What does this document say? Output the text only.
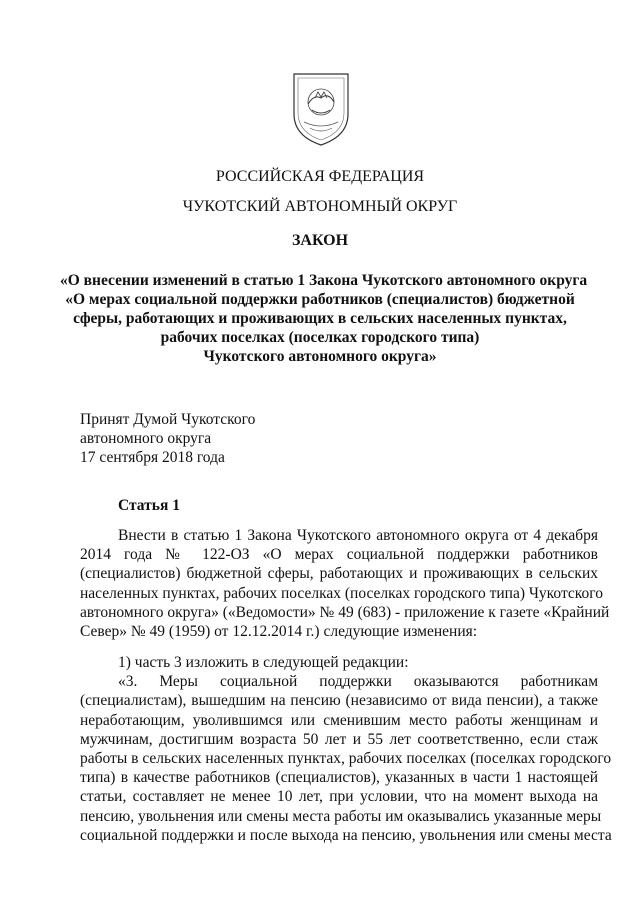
РОССИЙСКАЯ ФЕДЕРАЦИЯ
ЧУКОТСКИЙ АВТОНОМНЫЙ ОКРУГ
ЗАКОН
«О внесении изменений в статью 1 Закона Чукотского автономного округа
«О мерах социальной поддержки работников (специалистов) бюджетной
сферы, работающих и проживающих в сельских населенных пунктах,
рабочих поселках (поселках городского типа)
Чукотского автономного округа»
Принят Думой Чукотского
автономного округа
17 сентября 2018 года
Статья 1
Внести в статью 1 Закона Чукотского автономного округа от 4 декабря
2014 года № 122-ОЗ «О мерах социальной поддержки работников
(специалистов) бюджетной сферы, работающих и проживающих в сельских
населенных пунктах, рабочих поселках (поселках городского типа) Чукотского
автономного округа» («Ведомости» № 49 (683) - приложение к газете «Крайний
Север» № 49 (1959) от 12.12.2014 г.) следующие изменения:
1) часть 3 изложить в следующей редакции:
«3. Меры социальной поддержки оказываются работникам
(специалистам), вышедшим на пенсию (независимо от вида пенсии), а также
неработающим, уволившимся или сменившим место работы женщинам и
мужчинам, достигшим возраста 50 лет и 55 лет соответственно, если стаж
работы в сельских населенных пунктах, рабочих поселках (поселках городского
типа) в качестве работников (специалистов), указанных в части 1 настоящей
статьи, составляет не менее 10 лет, при условии, что на момент выхода на
пенсию, увольнения или смены места работы им оказывались указанные меры
социальной поддержки и после выхода на пенсию, увольнения или смены места
